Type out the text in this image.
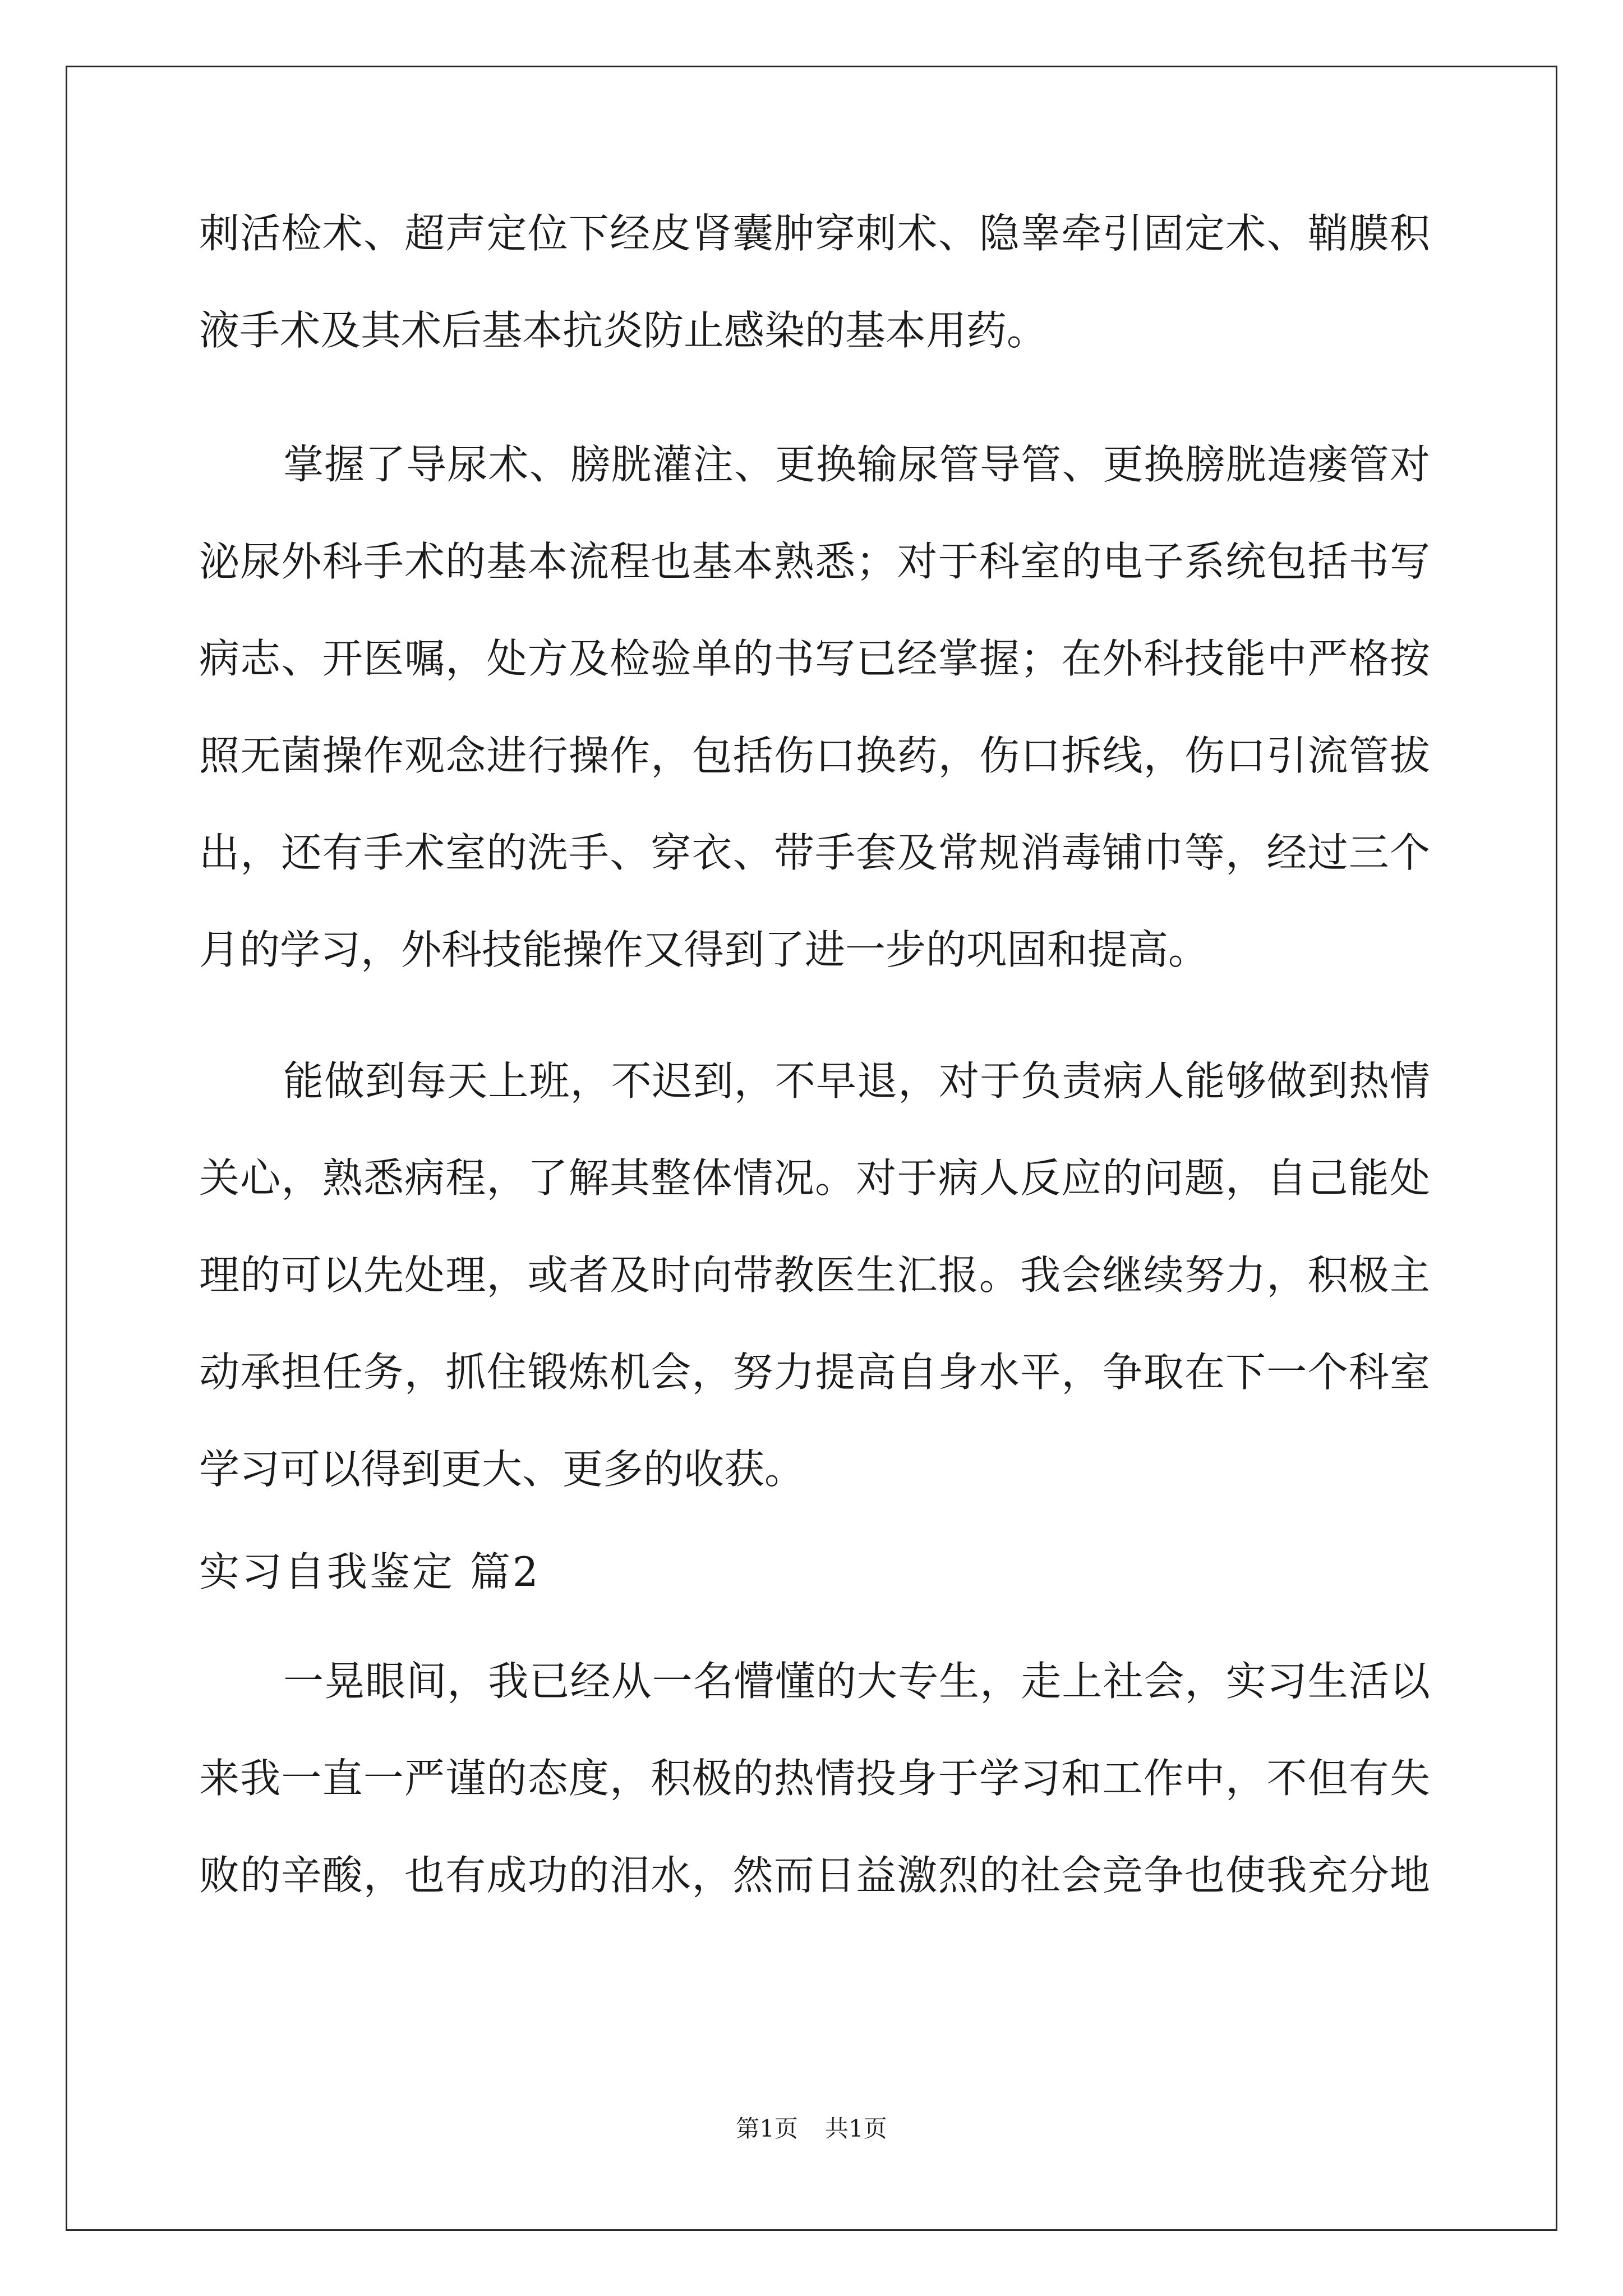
刺活检术、超声定位下经皮肾囊肿穿刺术、隐睾牵引固定术、鞘膜积

液手术及其术后基本抗炎防止感染的基本用药。

掌握了导尿术、膀胱灌注、更换输尿管导管、更换膀胱造瘘管对

泌尿外科手术的基本流程也基本熟悉；对于科室的电子系统包括书写

病志、开医嘱，处方及检验单的书写已经掌握；在外科技能中严格按

照无菌操作观念进行操作，包括伤口换药，伤口拆线，伤口引流管拔

出，还有手术室的洗手、穿衣、带手套及常规消毒铺巾等，经过三个

月的学习，外科技能操作又得到了进一步的巩固和提高。

能做到每天上班，不迟到，不早退，对于负责病人能够做到热情

关心，熟悉病程，了解其整体情况。对于病人反应的问题，自己能处

理的可以先处理，或者及时向带教医生汇报。我会继续努力，积极主

动承担任务，抓住锻炼机会，努力提高自身水平，争取在下一个科室

学习可以得到更大、更多的收获。

实习自我鉴定 篇2

一晃眼间，我已经从一名懵懂的大专生，走上社会，实习生活以

来我一直一严谨的态度，积极的热情投身于学习和工作中，不但有失

败的辛酸，也有成功的泪水，然而日益激烈的社会竞争也使我充分地

第1页 共1页
